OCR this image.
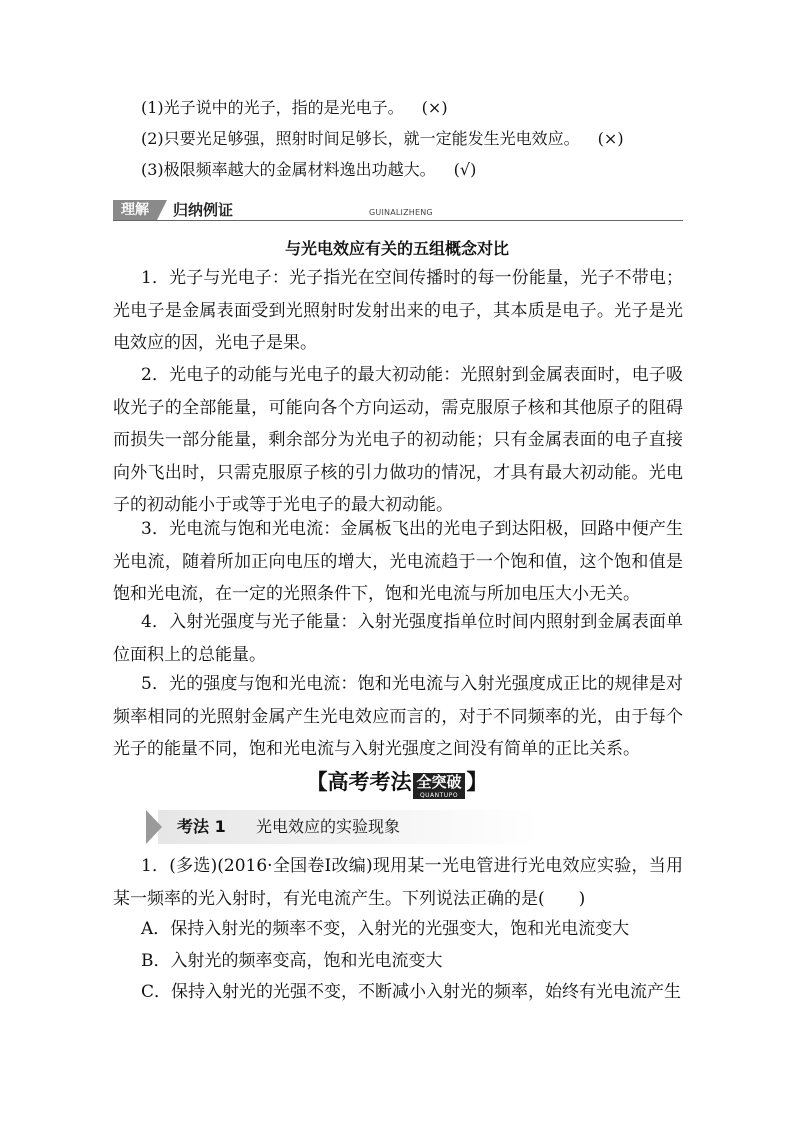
(1)光子说中的光子，指的是光电子。 (×)
(2)只要光足够强，照射时间足够长，就一定能发生光电效应。 (×)
(3)极限频率越大的金属材料逸出功越大。 (√)
理解	归纳例证	GUINALIZHENG
与光电效应有关的五组概念对比
1．光子与光电子：光子指光在空间传播时的每一份能量，光子不带电；光电子是金属表面受到光照射时发射出来的电子，其本质是电子。光子是光电效应的因，光电子是果。
2．光电子的动能与光电子的最大初动能：光照射到金属表面时，电子吸收光子的全部能量，可能向各个方向运动，需克服原子核和其他原子的阻碍而损失一部分能量，剩余部分为光电子的初动能；只有金属表面的电子直接向外飞出时，只需克服原子核的引力做功的情况，才具有最大初动能。光电子的初动能小于或等于光电子的最大初动能。
3．光电流与饱和光电流：金属板飞出的光电子到达阳极，回路中便产生光电流，随着所加正向电压的增大，光电流趋于一个饱和值，这个饱和值是饱和光电流，在一定的光照条件下，饱和光电流与所加电压大小无关。
4．入射光强度与光子能量：入射光强度指单位时间内照射到金属表面单位面积上的总能量。
5．光的强度与饱和光电流：饱和光电流与入射光强度成正比的规律是对频率相同的光照射金属产生光电效应而言的，对于不同频率的光，由于每个光子的能量不同，饱和光电流与入射光强度之间没有简单的正比关系。
【高考考法 全突破
QUANTUPO
】
考法 1 光电效应的实验现象
1．(多选)(2016·全国卷Ⅰ改编)现用某一光电管进行光电效应实验，当用某一频率的光入射时，有光电流产生。下列说法正确的是(　　)
A．保持入射光的频率不变，入射光的光强变大，饱和光电流变大
B．入射光的频率变高，饱和光电流变大
C．保持入射光的光强不变，不断减小入射光的频率，始终有光电流产生
